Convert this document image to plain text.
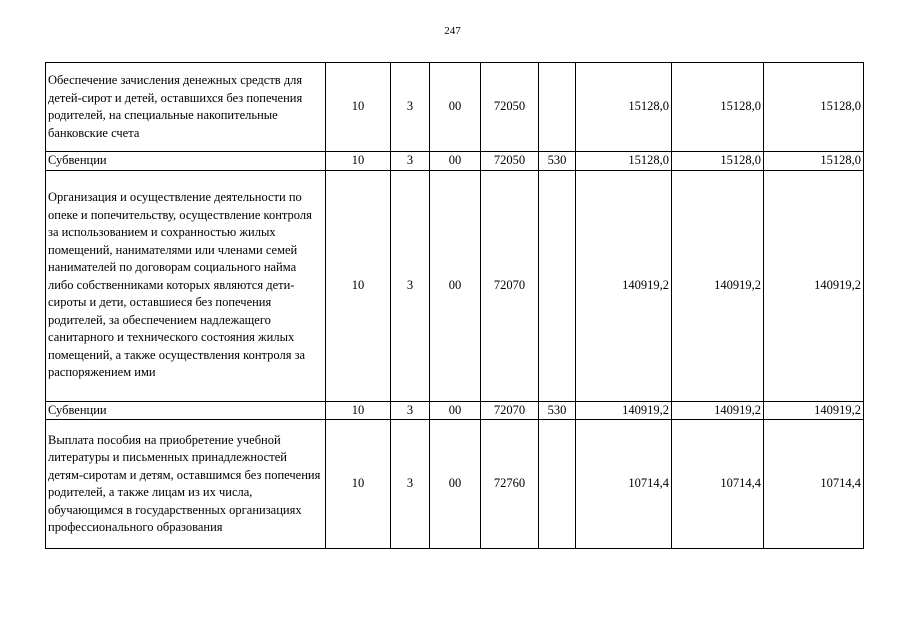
247
Обеспечение зачисления денежных средств для детей-сирот и детей, оставшихся без попечения родителей, на специальные накопительные банковские счета	10	3	00	72050		15128,0	15128,0	15128,0
Субвенции	10	3	00	72050	530	15128,0	15128,0	15128,0
Организация и осуществление деятельности по опеке и попечительству, осуществление контроля за использованием и сохранностью жилых помещений, нанимателями или членами семей нанимателей по договорам социального найма либо собственниками которых являются дети-сироты и дети, оставшиеся без попечения родителей, за обеспечением надлежащего санитарного и технического состояния жилых помещений, а также осуществления контроля за распоряжением ими	10	3	00	72070		140919,2	140919,2	140919,2
Субвенции	10	3	00	72070	530	140919,2	140919,2	140919,2
Выплата пособия на приобретение учебной литературы и письменных принадлежностей детям-сиротам и детям, оставшимся без попечения родителей, а также лицам из их числа, обучающимся в государственных организациях профессионального образования	10	3	00	72760		10714,4	10714,4	10714,4
